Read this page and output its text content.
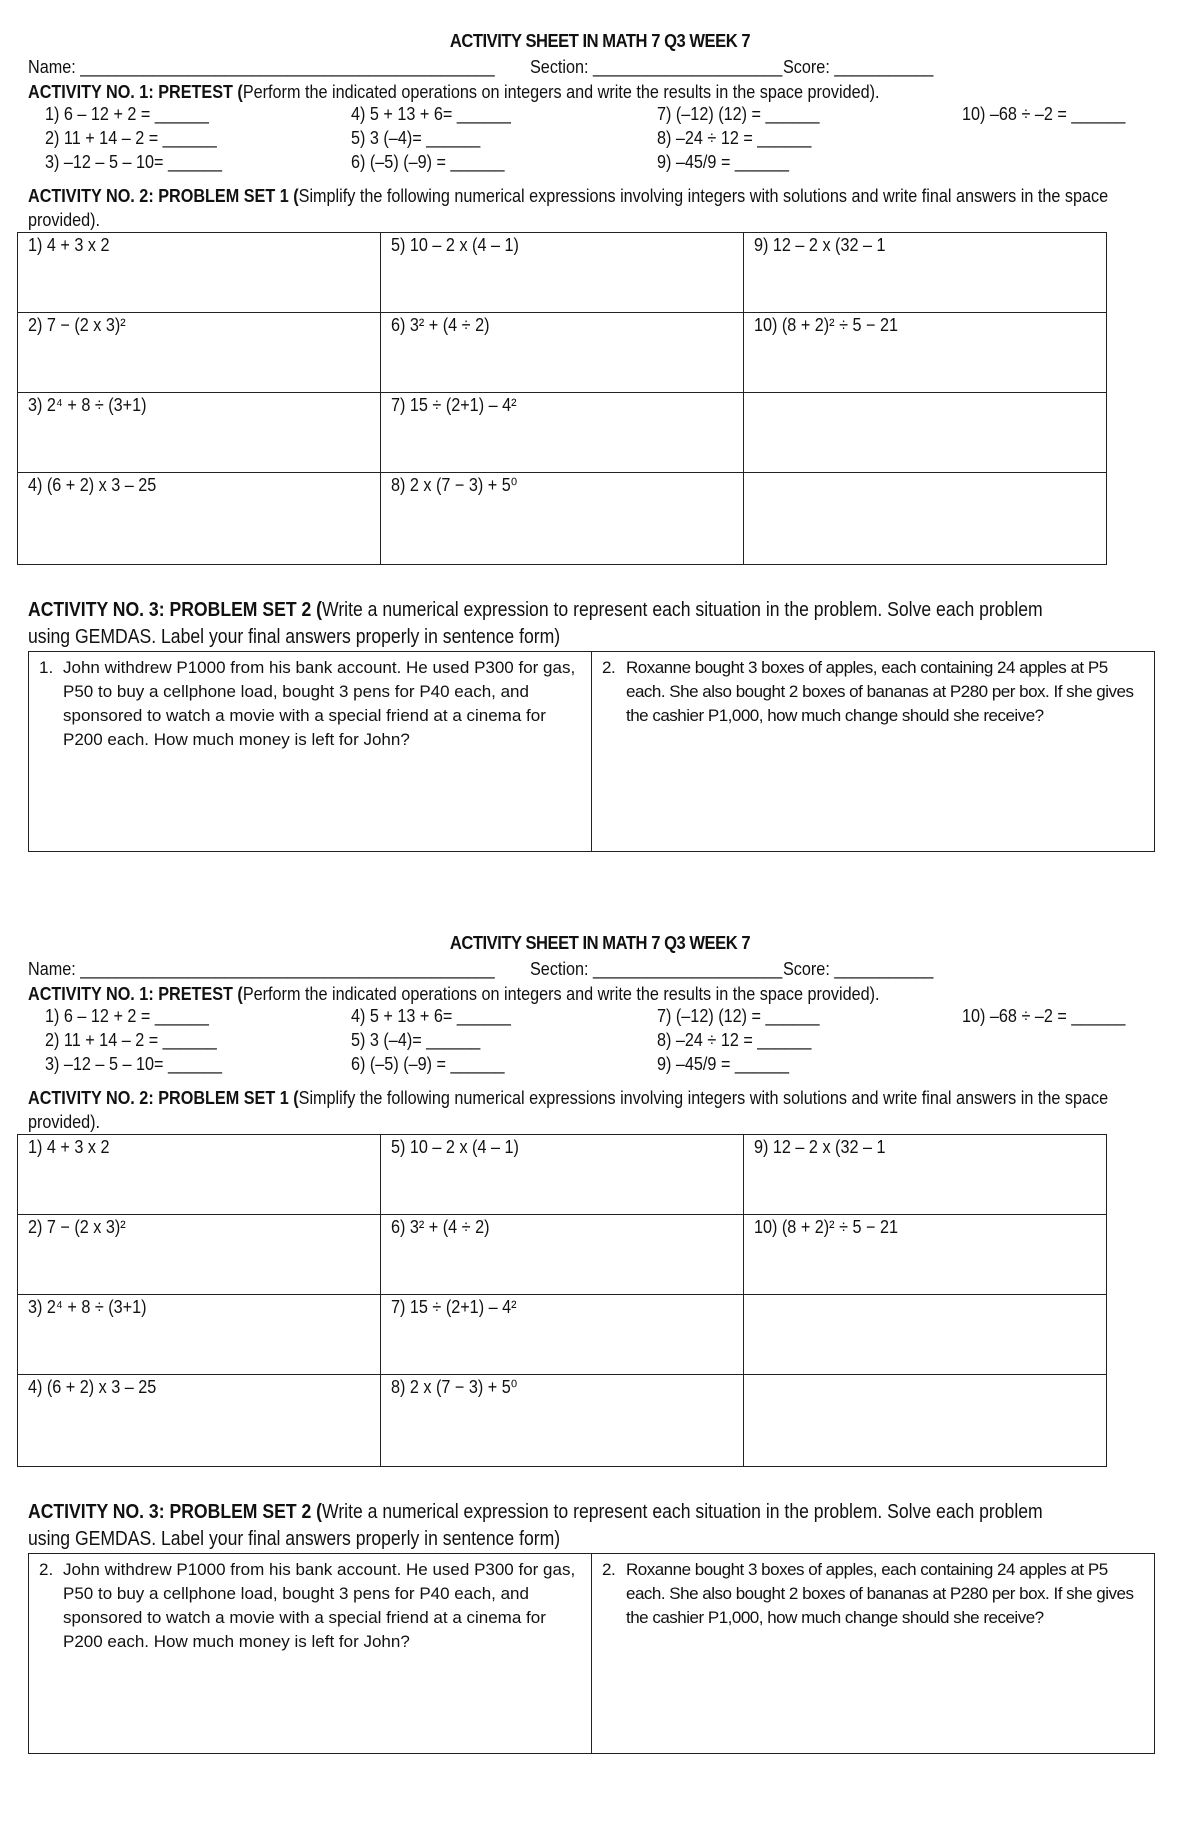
ACTIVITY SHEET IN MATH 7 Q3 WEEK 7
Name: ______________________________________________ Section: _____________________ Score: ___________
ACTIVITY NO. 1: PRETEST (Perform the indicated operations on integers and write the results in the space provided).
1) 6 – 12 + 2 = ______
2) 11 + 14 – 2 = ______
3) –12 – 5 – 10= ______
4) 5 + 13 + 6= ______
5) 3 (–4)= ______
6) (–5) (–9) = ______
7) (–12) (12) = ______
8) –24 ÷ 12 = ______
9) –45/9 = ______
10) –68 ÷ –2 = ______
ACTIVITY NO. 2: PROBLEM SET 1 (Simplify the following numerical expressions involving integers with solutions and write final answers in the space provided).
1) 4 + 3 x 2	5) 10 – 2 x (4 – 1)	9) 12 – 2 x (32 – 1
2) 7 − (2 x 3)²	6) 3² + (4 ÷ 2)	10) (8 + 2)² ÷ 5 − 21
3) 2⁴ + 8 ÷ (3+1)	7) 15 ÷ (2+1) – 4²	
4) (6 + 2) x 3 – 25	8) 2 x (7 − 3) + 5⁰	
ACTIVITY NO. 3: PROBLEM SET 2 (Write a numerical expression to represent each situation in the problem. Solve each problem
using GEMDAS. Label your final answers properly in sentence form)
1. John withdrew P1000 from his bank account. He used P300 for gas, P50 to buy a cellphone load, bought 3 pens for P40 each, and sponsored to watch a movie with a special friend at a cinema for P200 each. How much money is left for John?

2. Roxanne bought 3 boxes of apples, each containing 24 apples at P5 each. She also bought 2 boxes of bananas at P280 per box. If she gives the cashier P1,000, how much change should she receive?
ACTIVITY SHEET IN MATH 7 Q3 WEEK 7
Name: ______________________________________________ Section: _____________________ Score: ___________
ACTIVITY NO. 1: PRETEST (Perform the indicated operations on integers and write the results in the space provided).
1) 6 – 12 + 2 = ______
2) 11 + 14 – 2 = ______
3) –12 – 5 – 10= ______
4) 5 + 13 + 6= ______
5) 3 (–4)= ______
6) (–5) (–9) = ______
7) (–12) (12) = ______
8) –24 ÷ 12 = ______
9) –45/9 = ______
10) –68 ÷ –2 = ______
ACTIVITY NO. 2: PROBLEM SET 1 (Simplify the following numerical expressions involving integers with solutions and write final answers in the space provided).
1) 4 + 3 x 2	5) 10 – 2 x (4 – 1)	9) 12 – 2 x (32 – 1
2) 7 − (2 x 3)²	6) 3² + (4 ÷ 2)	10) (8 + 2)² ÷ 5 − 21
3) 2⁴ + 8 ÷ (3+1)	7) 15 ÷ (2+1) – 4²	
4) (6 + 2) x 3 – 25	8) 2 x (7 − 3) + 5⁰	
ACTIVITY NO. 3: PROBLEM SET 2 (Write a numerical expression to represent each situation in the problem. Solve each problem
using GEMDAS. Label your final answers properly in sentence form)
2. John withdrew P1000 from his bank account. He used P300 for gas, P50 to buy a cellphone load, bought 3 pens for P40 each, and sponsored to watch a movie with a special friend at a cinema for P200 each. How much money is left for John?

2. Roxanne bought 3 boxes of apples, each containing 24 apples at P5 each. She also bought 2 boxes of bananas at P280 per box. If she gives the cashier P1,000, how much change should she receive?
